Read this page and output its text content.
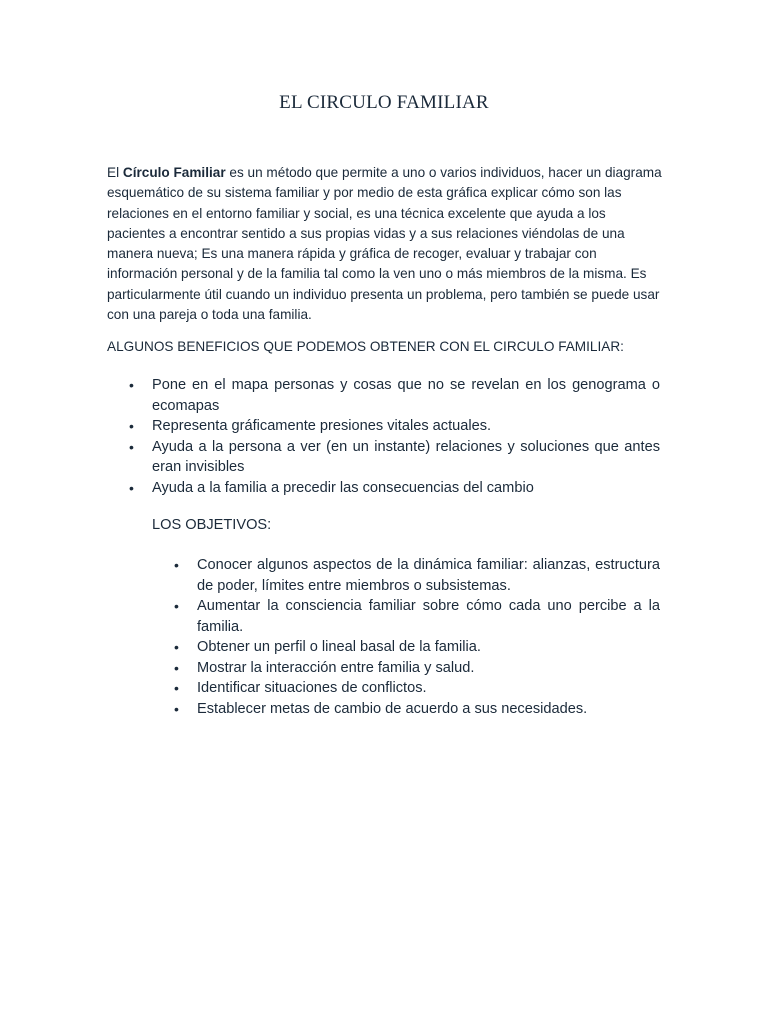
EL CIRCULO FAMILIAR

El Círculo Familiar es un método que permite a uno o varios individuos, hacer un diagrama esquemático de su sistema familiar y por medio de esta gráfica explicar cómo son las relaciones en el entorno familiar y social, es una técnica excelente que ayuda a los pacientes a encontrar sentido a sus propias vidas y a sus relaciones viéndolas de una manera nueva; Es una manera rápida y gráfica de recoger, evaluar y trabajar con información personal y de la familia tal como la ven uno o más miembros de la misma. Es particularmente útil cuando un individuo presenta un problema, pero también se puede usar con una pareja o toda una familia.

ALGUNOS BENEFICIOS QUE PODEMOS OBTENER CON EL CIRCULO FAMILIAR:

• Pone en el mapa personas y cosas que no se revelan en los genograma o ecomapas
• Representa gráficamente presiones vitales actuales.
• Ayuda a la persona a ver (en un instante) relaciones y soluciones que antes eran invisibles
• Ayuda a la familia a precedir las consecuencias del cambio

LOS OBJETIVOS:

• Conocer algunos aspectos de la dinámica familiar: alianzas, estructura de poder, límites entre miembros o subsistemas.
• Aumentar la consciencia familiar sobre cómo cada uno percibe a la familia.
• Obtener un perfil o lineal basal de la familia.
• Mostrar la interacción entre familia y salud.
• Identificar situaciones de conflictos.
• Establecer metas de cambio de acuerdo a sus necesidades.
